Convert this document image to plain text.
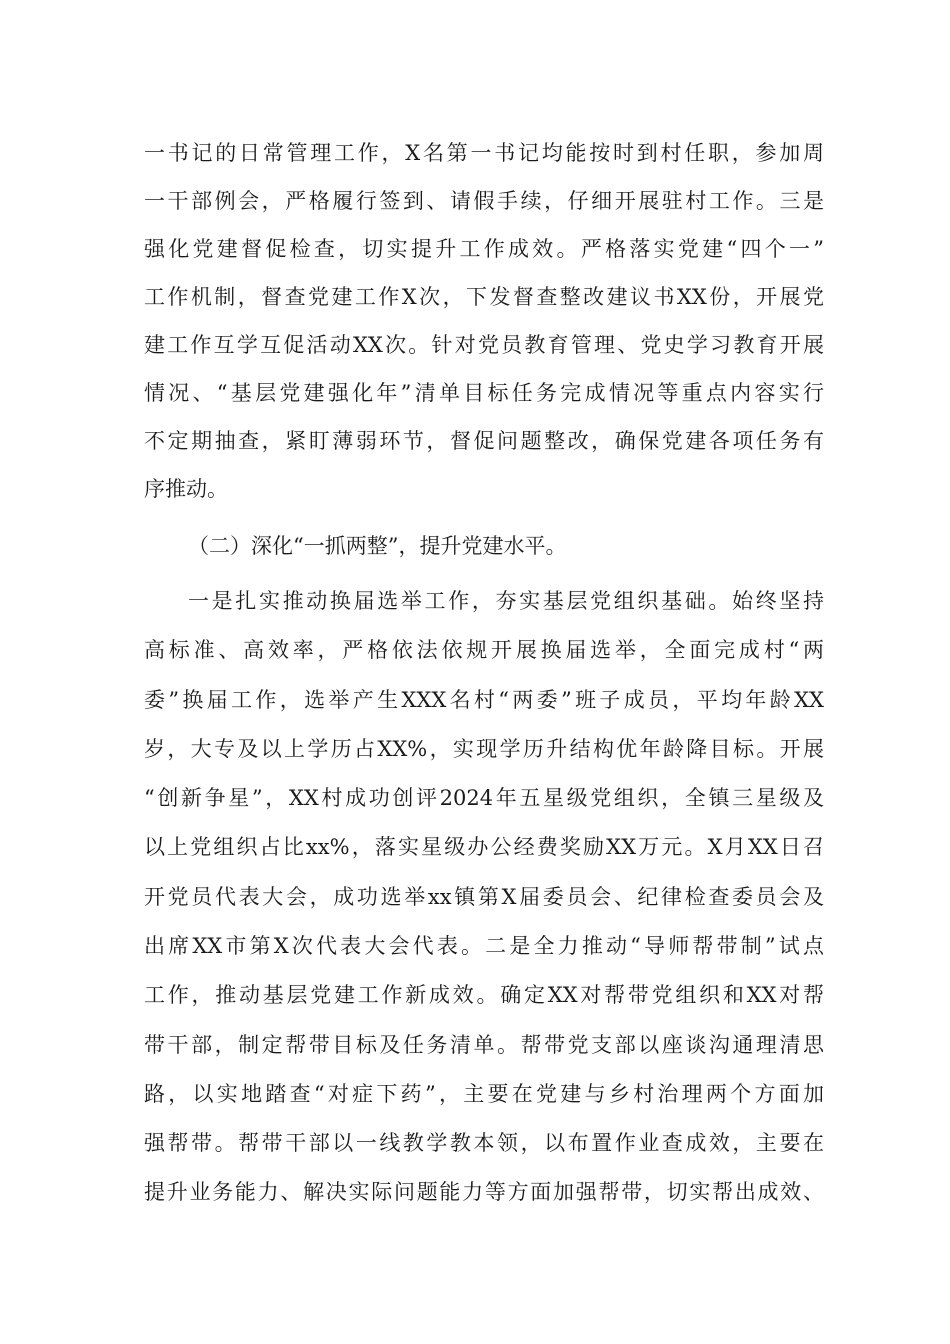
一书记的日常管理工作，X名第一书记均能按时到村任职，参加周
一干部例会，严格履行签到、请假手续，仔细开展驻村工作。三是
强化党建督促检查，切实提升工作成效。严格落实党建“四个一”
工作机制，督查党建工作X次，下发督查整改建议书XX份，开展党
建工作互学互促活动XX次。针对党员教育管理、党史学习教育开展
情况、“基层党建强化年”清单目标任务完成情况等重点内容实行
不定期抽查，紧盯薄弱环节，督促问题整改，确保党建各项任务有
序推动。
（二）深化“一抓两整”，提升党建水平。
一是扎实推动换届选举工作，夯实基层党组织基础。始终坚持
高标准、高效率，严格依法依规开展换届选举，全面完成村“两
委”换届工作，选举产生XXX名村“两委”班子成员，平均年龄XX
岁，大专及以上学历占XX%，实现学历升结构优年龄降目标。开展
“创新争星”，XX村成功创评2024年五星级党组织，全镇三星级及
以上党组织占比xx%，落实星级办公经费奖励XX万元。X月XX日召
开党员代表大会，成功选举xx镇第X届委员会、纪律检查委员会及
出席XX市第X次代表大会代表。二是全力推动“导师帮带制”试点
工作，推动基层党建工作新成效。确定XX对帮带党组织和XX对帮
带干部，制定帮带目标及任务清单。帮带党支部以座谈沟通理清思
路，以实地踏查“对症下药”，主要在党建与乡村治理两个方面加
强帮带。帮带干部以一线教学教本领，以布置作业查成效，主要在
提升业务能力、解决实际问题能力等方面加强帮带，切实帮出成效、
